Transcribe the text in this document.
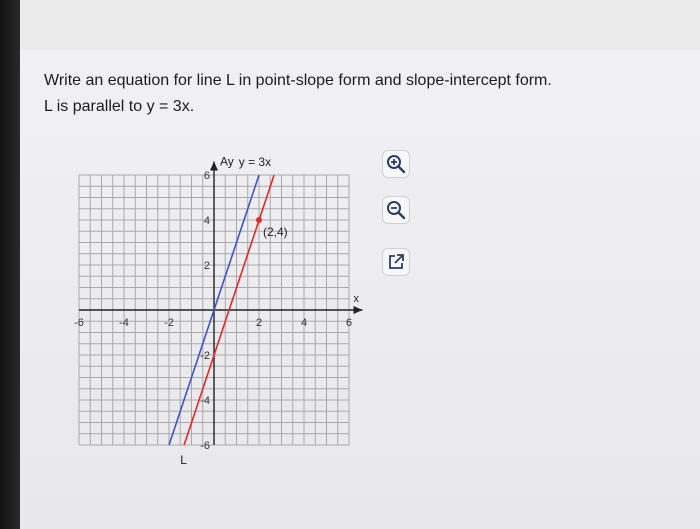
Write an equation for line L in point-slope form and slope-intercept form.
L is parallel to y = 3x.
-6	-4	-2	2	4	6
6
4
2
-2
-4
-6
Ay
x
(2,4)
y = 3x
L
